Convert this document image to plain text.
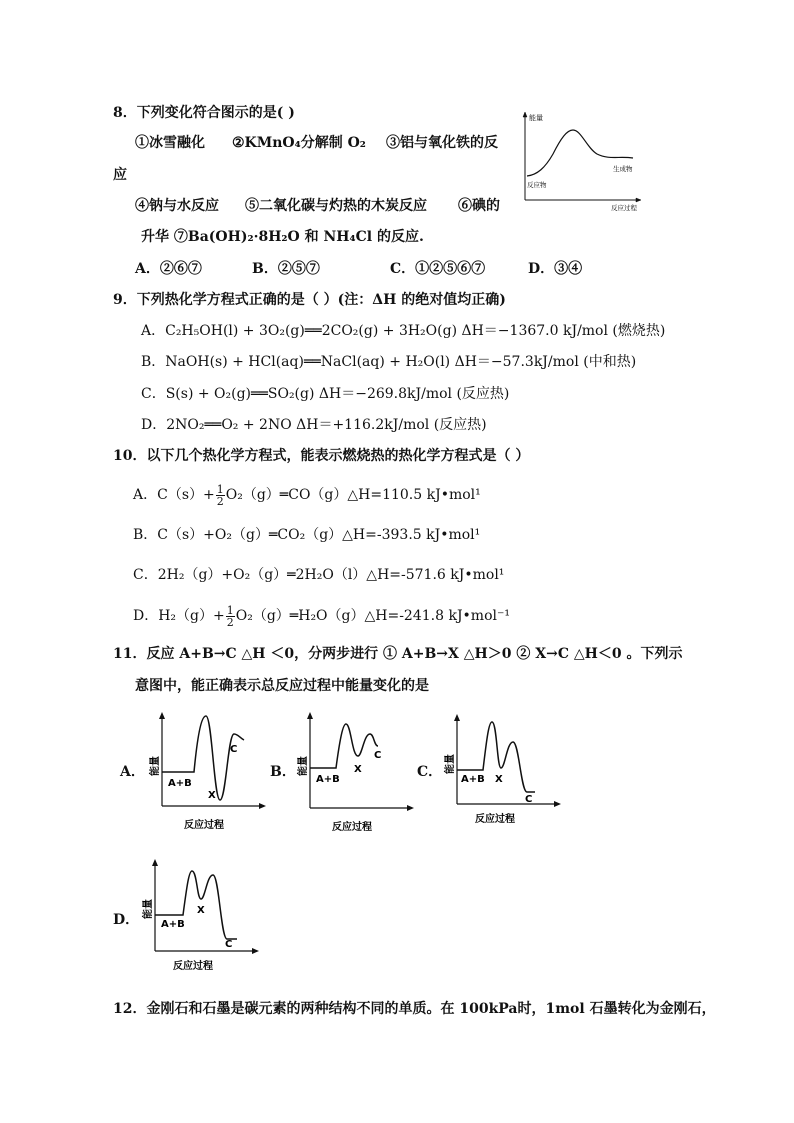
8．下列变化符合图示的是( )
①冰雪融化 ②KMnO₄分解制 O₂ ③铝与氧化铁的反
应
④钠与水反应 ⑤二氧化碳与灼热的木炭反应 ⑥碘的
升华 ⑦Ba(OH)₂·8H₂O 和 NH₄Cl 的反应.
A．②⑥⑦	B．②⑤⑦	C．①②⑤⑥⑦	D．③④
能量
反应物
生成物
反应过程
9．下列热化学方程式正确的是（ ）(注：ΔH 的绝对值均正确)
A．C₂H₅OH(l) + 3O₂(g)══2CO₂(g) + 3H₂O(g) ΔH＝−1367.0 kJ/mol (燃烧热)
B．NaOH(s) + HCl(aq)══NaCl(aq) + H₂O(l) ΔH＝−57.3kJ/mol (中和热)
C．S(s) + O₂(g)══SO₂(g) ΔH＝−269.8kJ/mol (反应热)
D．2NO₂══O₂ + 2NO ΔH＝+116.2kJ/mol (反应热)
10．以下几个热化学方程式，能表示燃烧热的热化学方程式是（ ）
A．$C(s)+ \frac{1}{2}$ O₂（g）═CO（g）△H=110.5 kJ•mol¹
B．C（s）+O₂（g）═CO₂（g）△H=-393.5 kJ•mol¹
C．2H₂（g）+O₂（g）═2H₂O（l）△H=-571.6 kJ•mol¹
D．$H_2(g)+ \frac{1}{2}$ O₂（g）═H₂O（g）△H=-241.8 kJ•mol⁻¹
11．反应 A+B→C △H ＜0，分两步进行 ① A+B→X △H＞0 ② X→C △H＜0 。下列示
意图中，能正确表示总反应过程中能量变化的是
A． 能量
A+B
X
C
反应过程
B． 能量
A+B
X
C
反应过程
C． 能量
A+B X
C
反应过程
D．
能量
A+B
X
C
反应过程
12．金刚石和石墨是碳元素的两种结构不同的单质。在 100kPa时，1mol 石墨转化为金刚石，
